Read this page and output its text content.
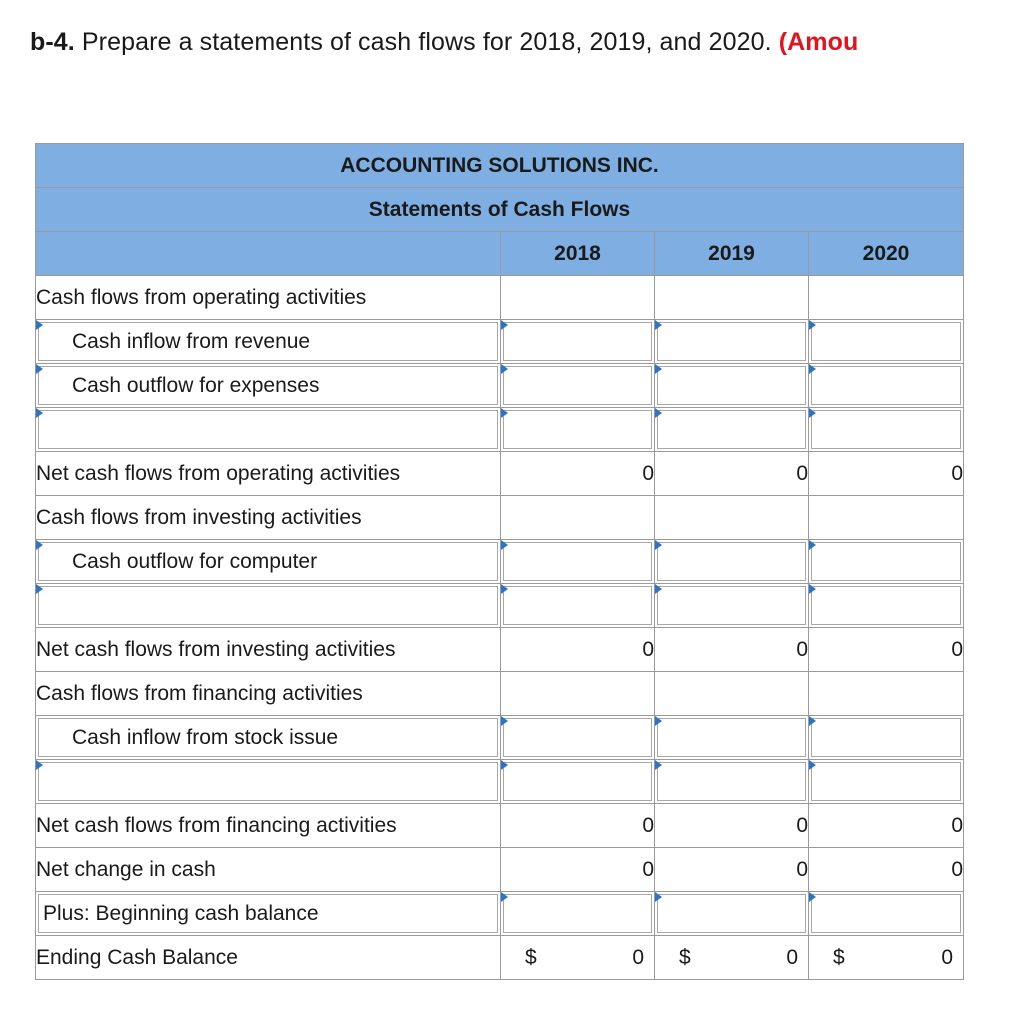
b-4. Prepare a statements of cash flows for 2018, 2019, and 2020. (Amou
ACCOUNTING SOLUTIONS INC.			
Statements of Cash Flows			
	2018	2019	2020
Cash flows from operating activities			

Cash inflow from revenue	

Cash outflow for expenses	

Net cash flows from operating activities	0	0	0
Cash flows from investing activities			

Cash outflow for computer	

Net cash flows from investing activities	0	0	0
Cash flows from financing activities			

Cash inflow from stock issue	

Net cash flows from financing activities	0	0	0
Net change in cash	0	0	0

Plus: Beginning cash balance	

Ending Cash Balance	$ 0	$ 0	$ 0
